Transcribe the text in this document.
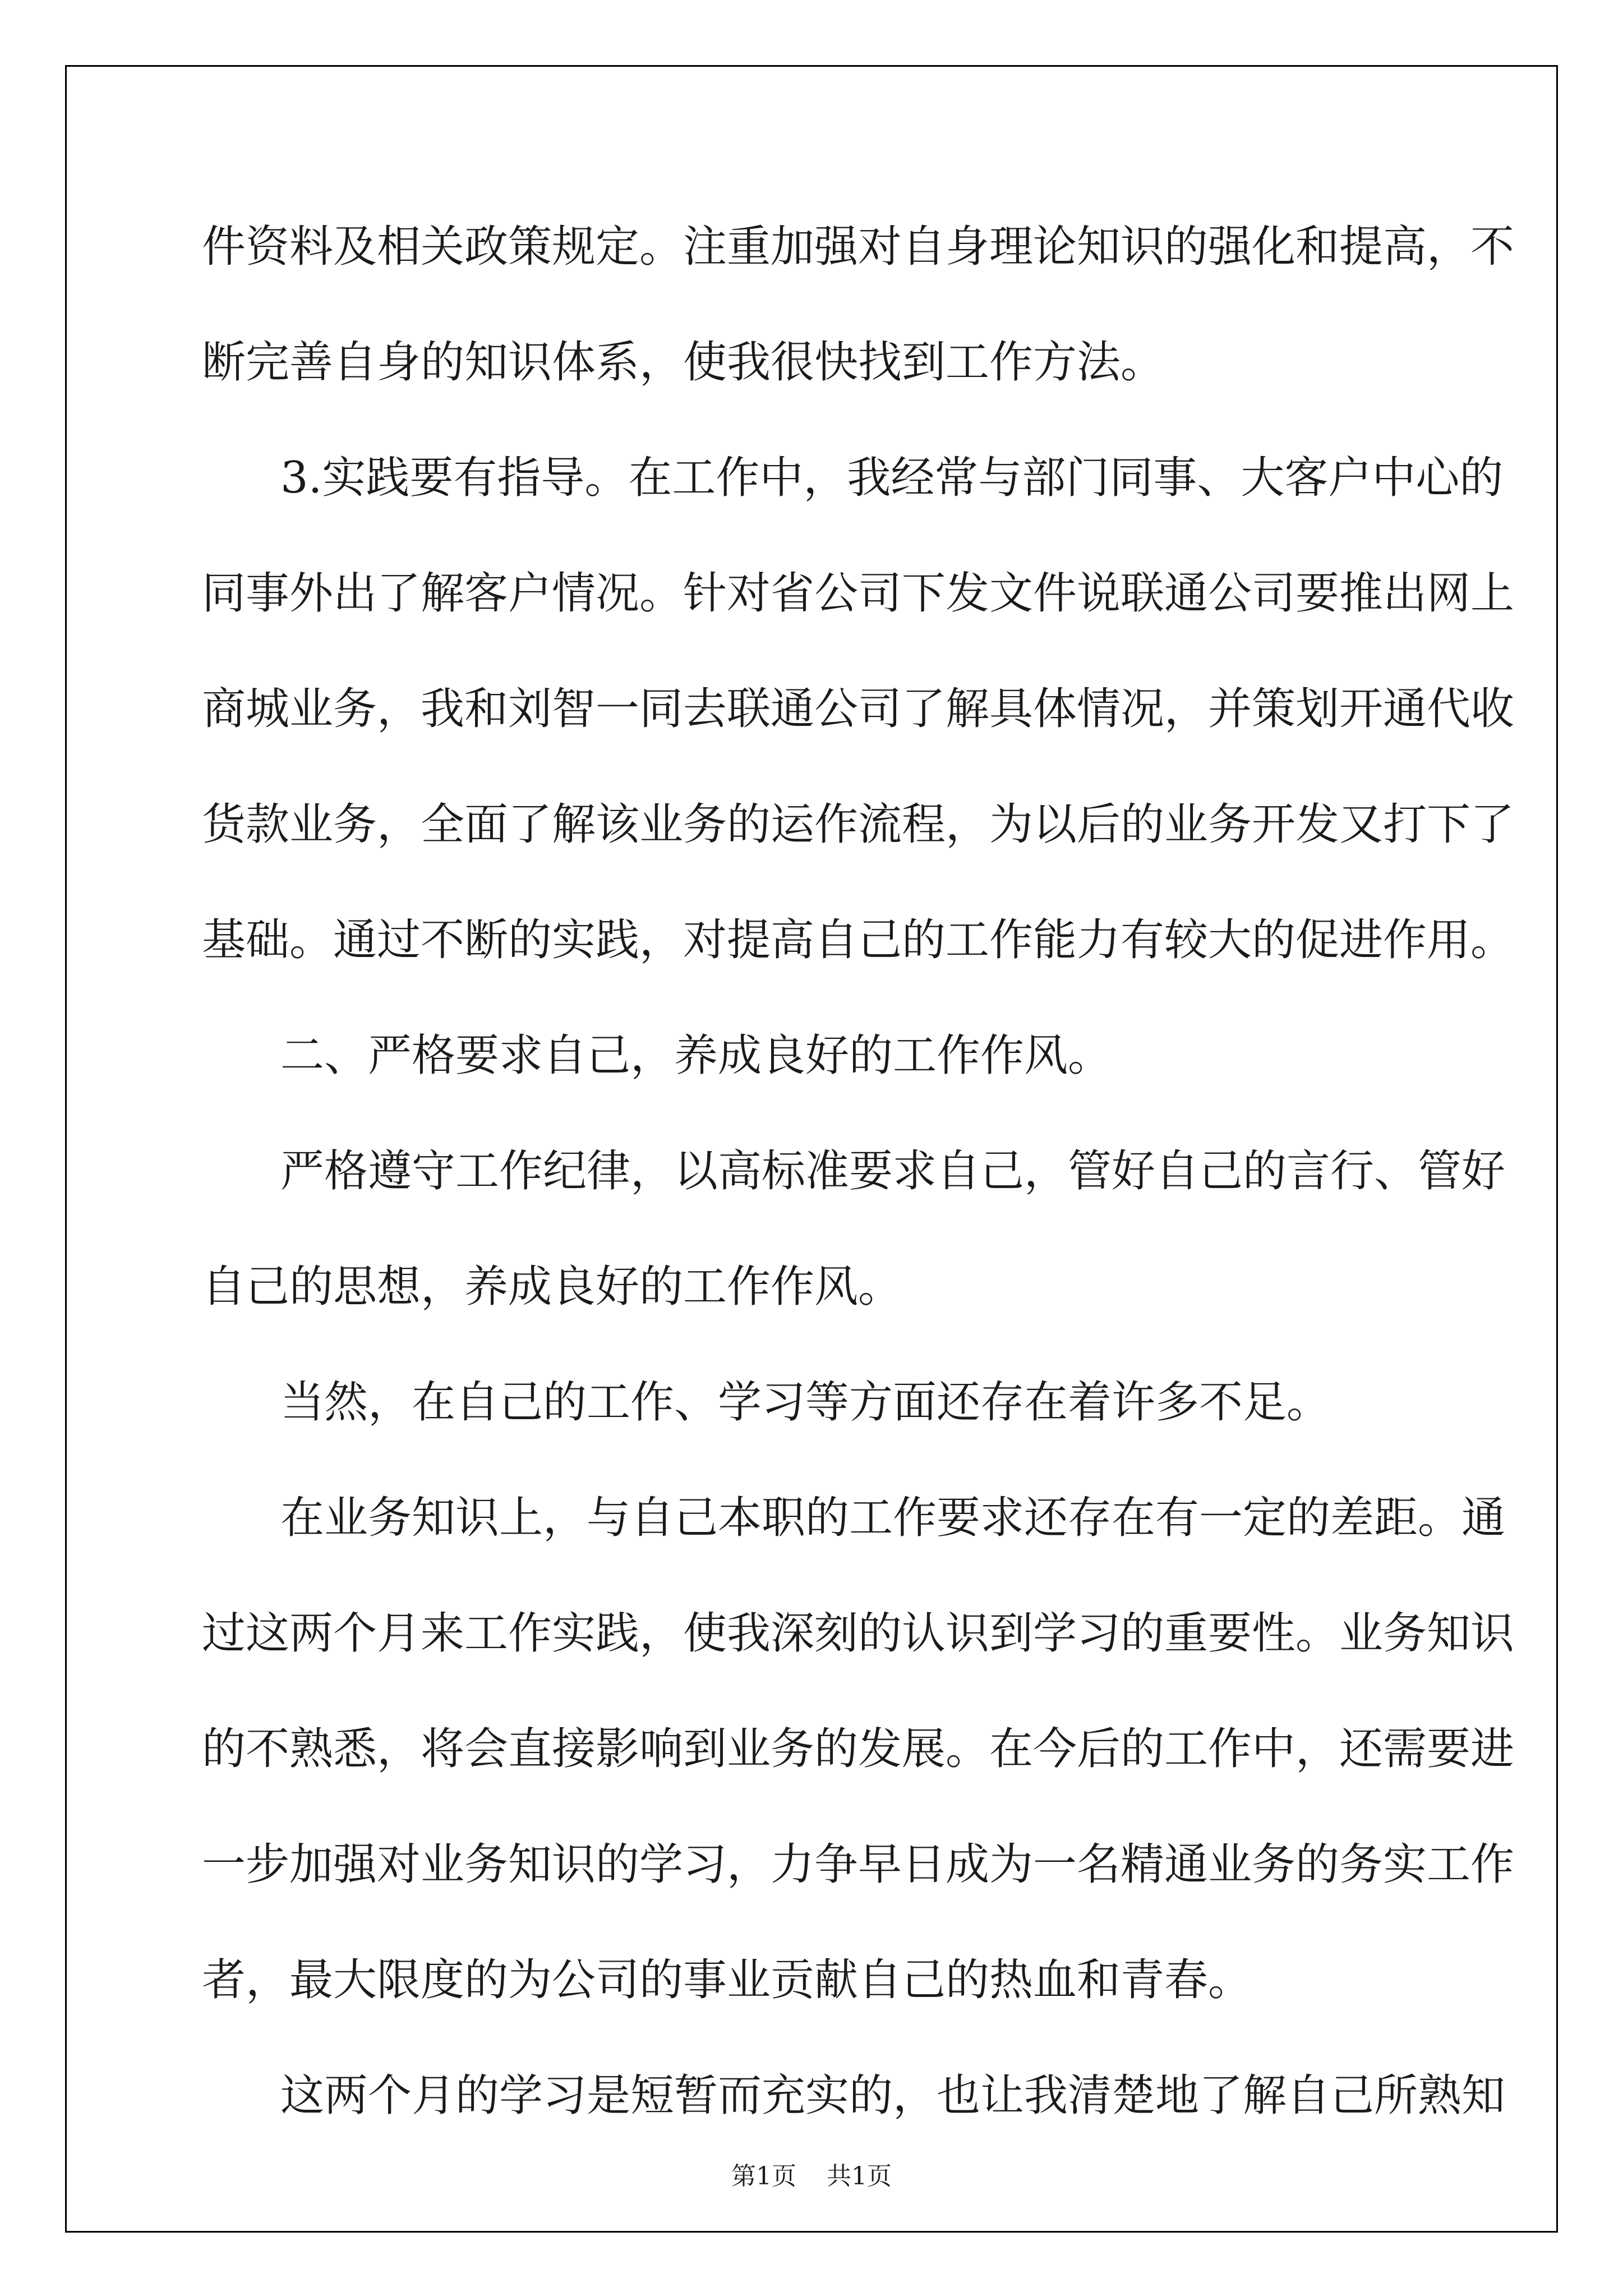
件资料及相关政策规定。注重加强对自身理论知识的强化和提高，不
断完善自身的知识体系，使我很快找到工作方法。
3.实践要有指导。在工作中，我经常与部门同事、大客户中心的
同事外出了解客户情况。针对省公司下发文件说联通公司要推出网上
商城业务，我和刘智一同去联通公司了解具体情况，并策划开通代收
货款业务，全面了解该业务的运作流程，为以后的业务开发又打下了
基础。通过不断的实践，对提高自己的工作能力有较大的促进作用。
二、严格要求自己，养成良好的工作作风。
严格遵守工作纪律，以高标准要求自己，管好自己的言行、管好
自己的思想，养成良好的工作作风。
当然，在自己的工作、学习等方面还存在着许多不足。
在业务知识上，与自己本职的工作要求还存在有一定的差距。通
过这两个月来工作实践，使我深刻的认识到学习的重要性。业务知识
的不熟悉，将会直接影响到业务的发展。在今后的工作中，还需要进
一步加强对业务知识的学习，力争早日成为一名精通业务的务实工作
者，最大限度的为公司的事业贡献自己的热血和青春。
这两个月的学习是短暂而充实的，也让我清楚地了解自己所熟知
第1页 共1页
